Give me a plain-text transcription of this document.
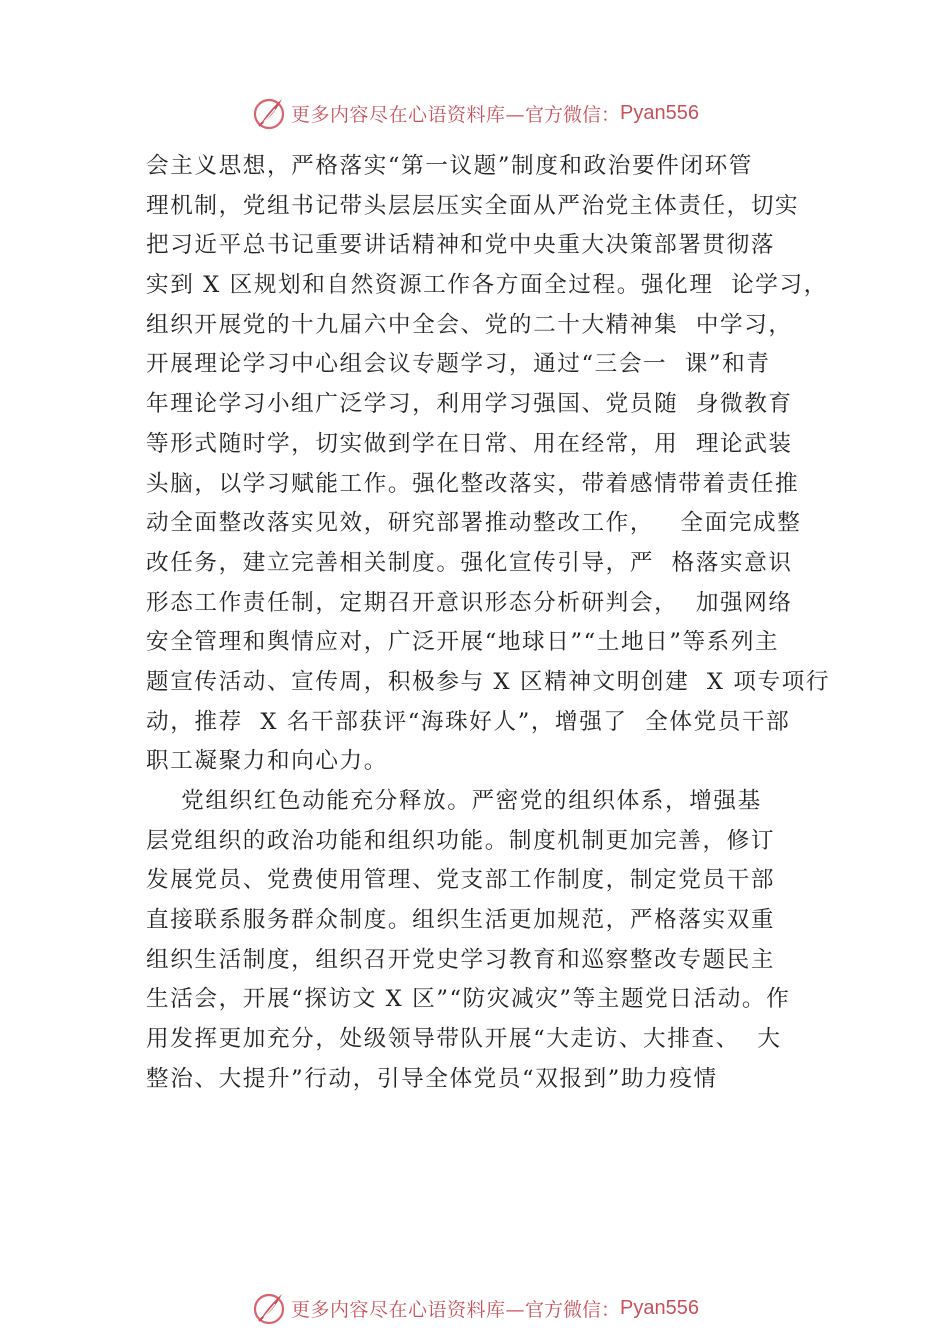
更多内容尽在心语资料库— 官方微信： Pyan556
会主义思想，严格落实“第一议题”制度和政治要件闭环管
理机制，党组书记带头层层压实全面从严治党主体责任，切实
把习近平总书记重要讲话精神和党中央重大决策部署贯彻落
实到 X 区规划和自然资源工作各方面全过程。强化理  论学习，
组织开展党的十九届六中全会、党的二十大精神集  中学习，
开展理论学习中心组会议专题学习，通过“三会一  课”和青
年理论学习小组广泛学习，利用学习强国、党员随  身微教育
等形式随时学，切实做到学在日常、用在经常，用  理论武装
头脑，以学习赋能工作。强化整改落实，带着感情带着责任推
动全面整改落实见效，研究部署推动整改工作，   全面完成整
改任务，建立完善相关制度。强化宣传引导，严  格落实意识
形态工作责任制，定期召开意识形态分析研判会，  加强网络
安全管理和舆情应对，广泛开展“地球日”“土地日”等系列主
题宣传活动、宣传周，积极参与 X 区精神文明创建  X 项专项行
动，推荐  X 名干部获评“海珠好人”，增强了  全体党员干部
职工凝聚力和向心力。
党组织红色动能充分释放。严密党的组织体系，增强基
层党组织的政治功能和组织功能。制度机制更加完善，修订
发展党员、党费使用管理、党支部工作制度，制定党员干部
直接联系服务群众制度。组织生活更加规范，严格落实双重
组织生活制度，组织召开党史学习教育和巡察整改专题民主
生活会，开展“探访文 X 区”“防灾减灾”等主题党日活动。作
用发挥更加充分，处级领导带队开展“大走访、大排查、  大
整治、大提升”行动，引导全体党员“双报到”助力疫情
更多内容尽在心语资料库— 官方微信： Pyan556
